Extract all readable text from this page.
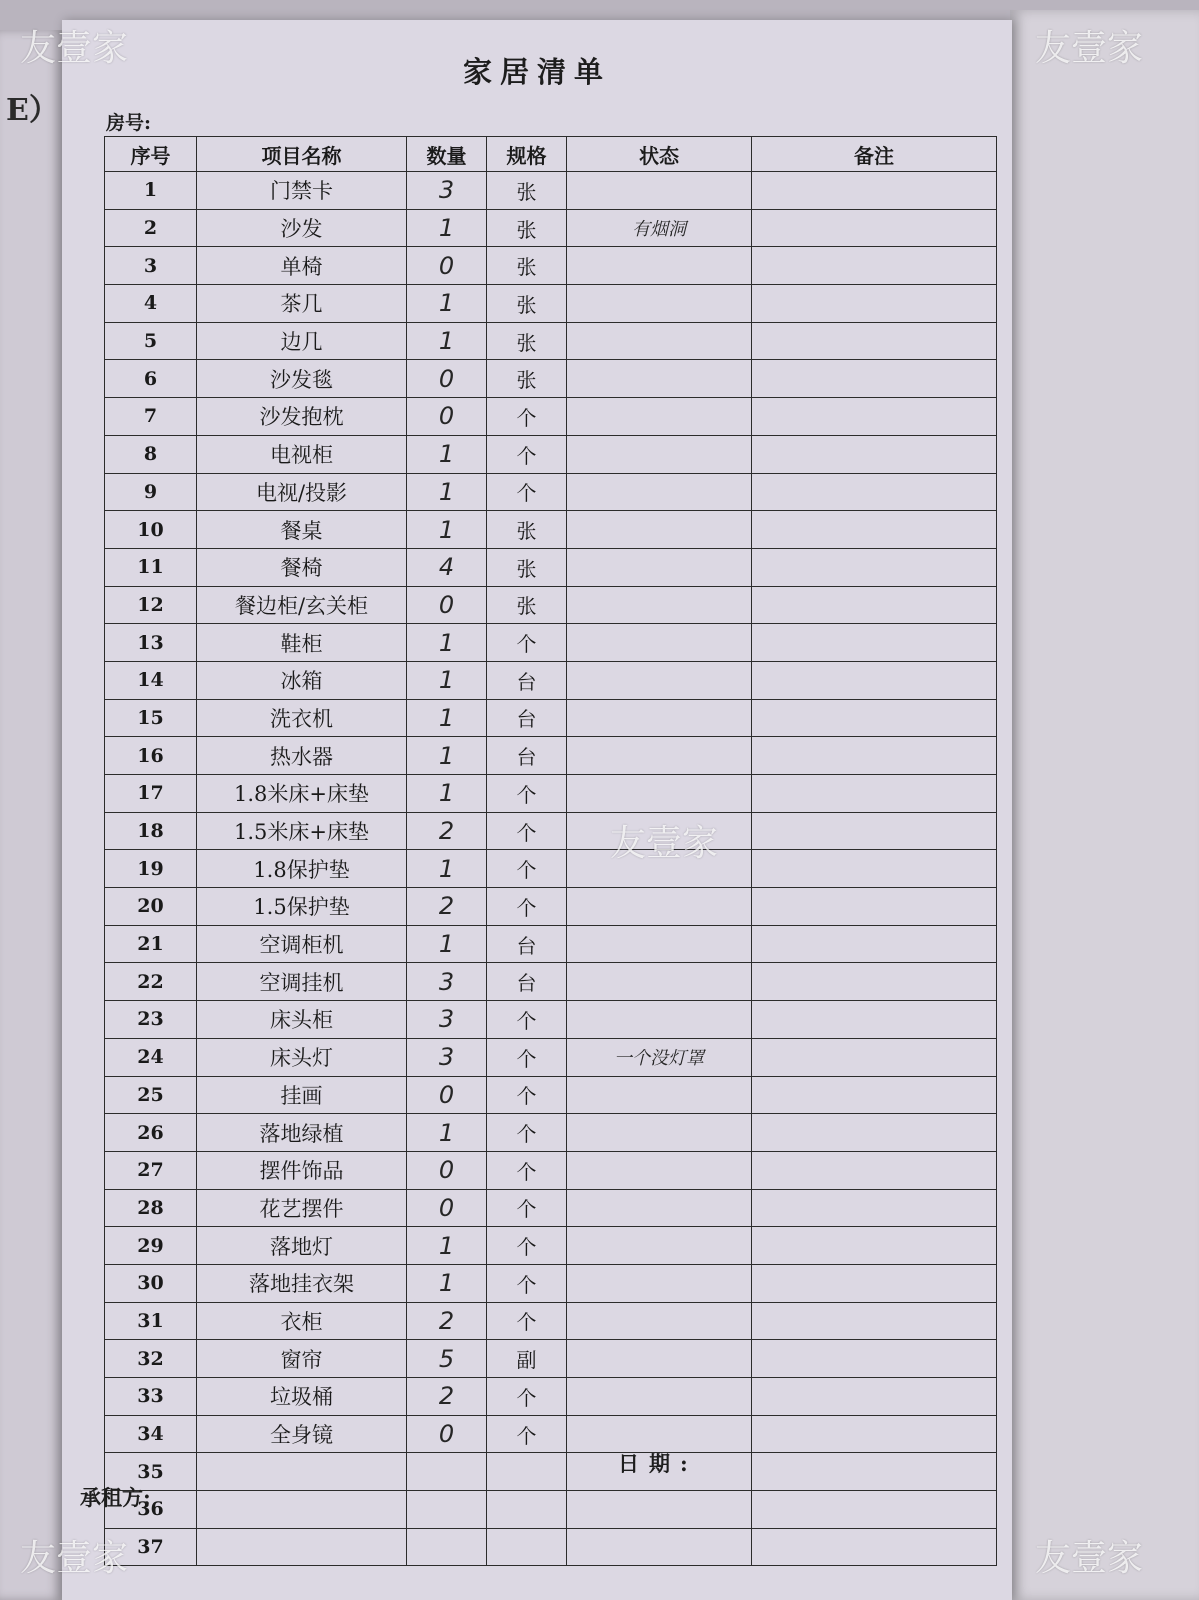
E）
家居清单
房号:
序号	项目名称	数量	规格	状态	备注
1	门禁卡	3	张		
2	沙发	1	张	有烟洞	
3	单椅	0	张		
4	茶几	1	张		
5	边几	1	张		
6	沙发毯	0	张		
7	沙发抱枕	0	个		
8	电视柜	1	个		
9	电视/投影	1	个		
10	餐桌	1	张		
11	餐椅	4	张		
12	餐边柜/玄关柜	0	张		
13	鞋柜	1	个		
14	冰箱	1	台		
15	洗衣机	1	台		
16	热水器	1	台		
17	1.8米床+床垫	1	个		
18	1.5米床+床垫	2	个		
19	1.8保护垫	1	个		
20	1.5保护垫	2	个		
21	空调柜机	1	台		
22	空调挂机	3	台		
23	床头柜	3	个		
24	床头灯	3	个	一个没灯罩	
25	挂画	0	个		
26	落地绿植	1	个		
27	摆件饰品	0	个		
28	花艺摆件	0	个		
29	落地灯	1	个		
30	落地挂衣架	1	个		
31	衣柜	2	个		
32	窗帘	5	副		
33	垃圾桶	2	个		
34	全身镜	0	个		
35					
36					
37					
日期:
承租方:
友壹家	友壹家
友壹家
友壹家	友壹家
